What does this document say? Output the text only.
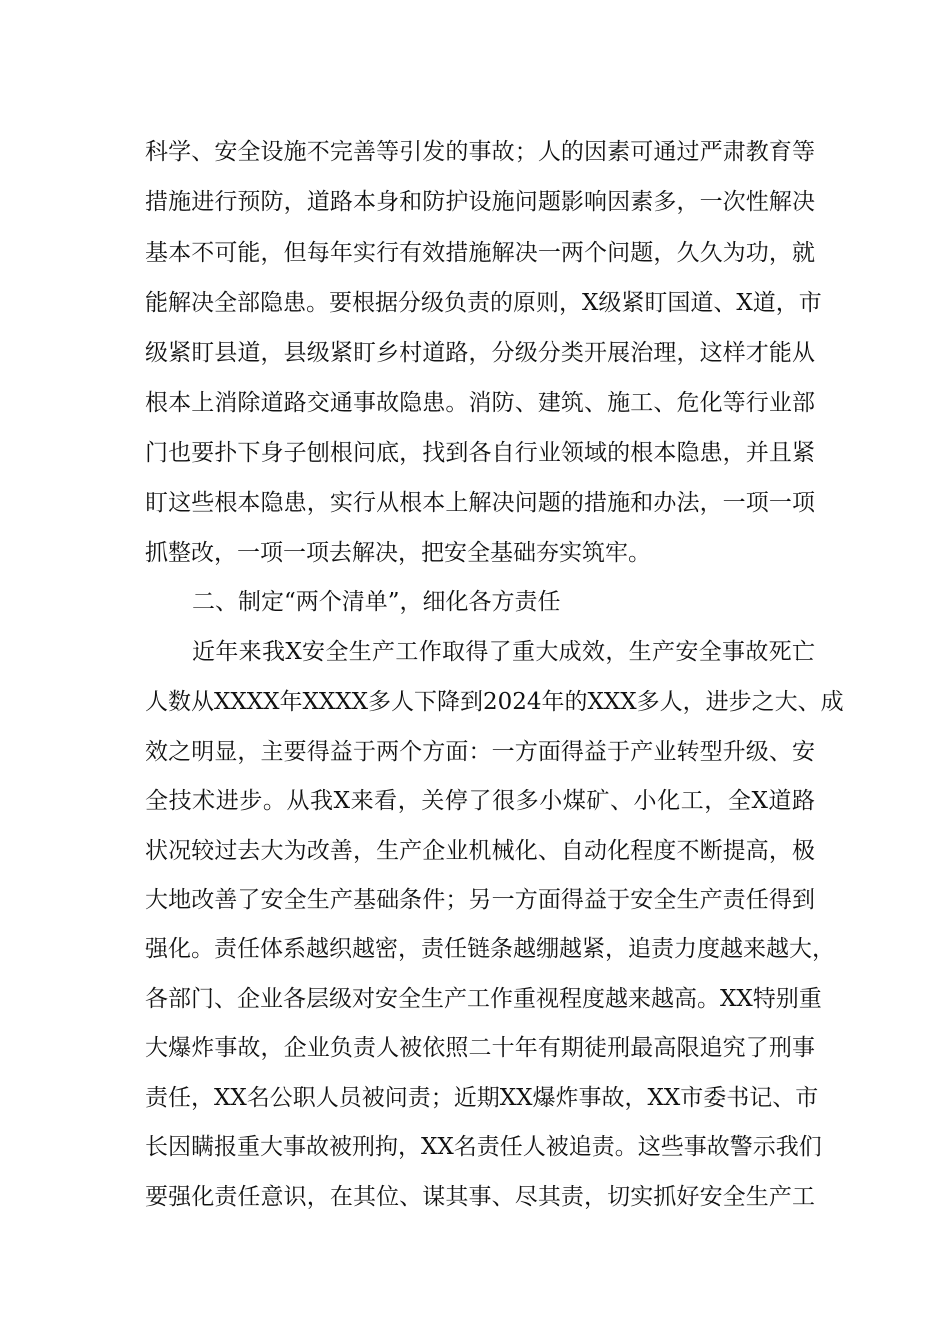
科学、安全设施不完善等引发的事故；人的因素可通过严肃教育等
措施进行预防，道路本身和防护设施问题影响因素多，一次性解决
基本不可能，但每年实行有效措施解决一两个问题，久久为功，就
能解决全部隐患。要根据分级负责的原则，X级紧盯国道、X道，市
级紧盯县道，县级紧盯乡村道路，分级分类开展治理，这样才能从
根本上消除道路交通事故隐患。消防、建筑、施工、危化等行业部
门也要扑下身子刨根问底，找到各自行业领域的根本隐患，并且紧
盯这些根本隐患，实行从根本上解决问题的措施和办法，一项一项
抓整改，一项一项去解决，把安全基础夯实筑牢。
二、制定“两个清单”，细化各方责任
近年来我X安全生产工作取得了重大成效，生产安全事故死亡
人数从XXXX年XXXX多人下降到2024年的XXX多人，进步之大、成
效之明显，主要得益于两个方面：一方面得益于产业转型升级、安
全技术进步。从我X来看，关停了很多小煤矿、小化工，全X道路
状况较过去大为改善，生产企业机械化、自动化程度不断提高，极
大地改善了安全生产基础条件；另一方面得益于安全生产责任得到
强化。责任体系越织越密，责任链条越绷越紧，追责力度越来越大，
各部门、企业各层级对安全生产工作重视程度越来越高。XX特别重
大爆炸事故，企业负责人被依照二十年有期徒刑最高限追究了刑事
责任，XX名公职人员被问责；近期XX爆炸事故，XX市委书记、市
长因瞒报重大事故被刑拘，XX名责任人被追责。这些事故警示我们
要强化责任意识，在其位、谋其事、尽其责，切实抓好安全生产工
